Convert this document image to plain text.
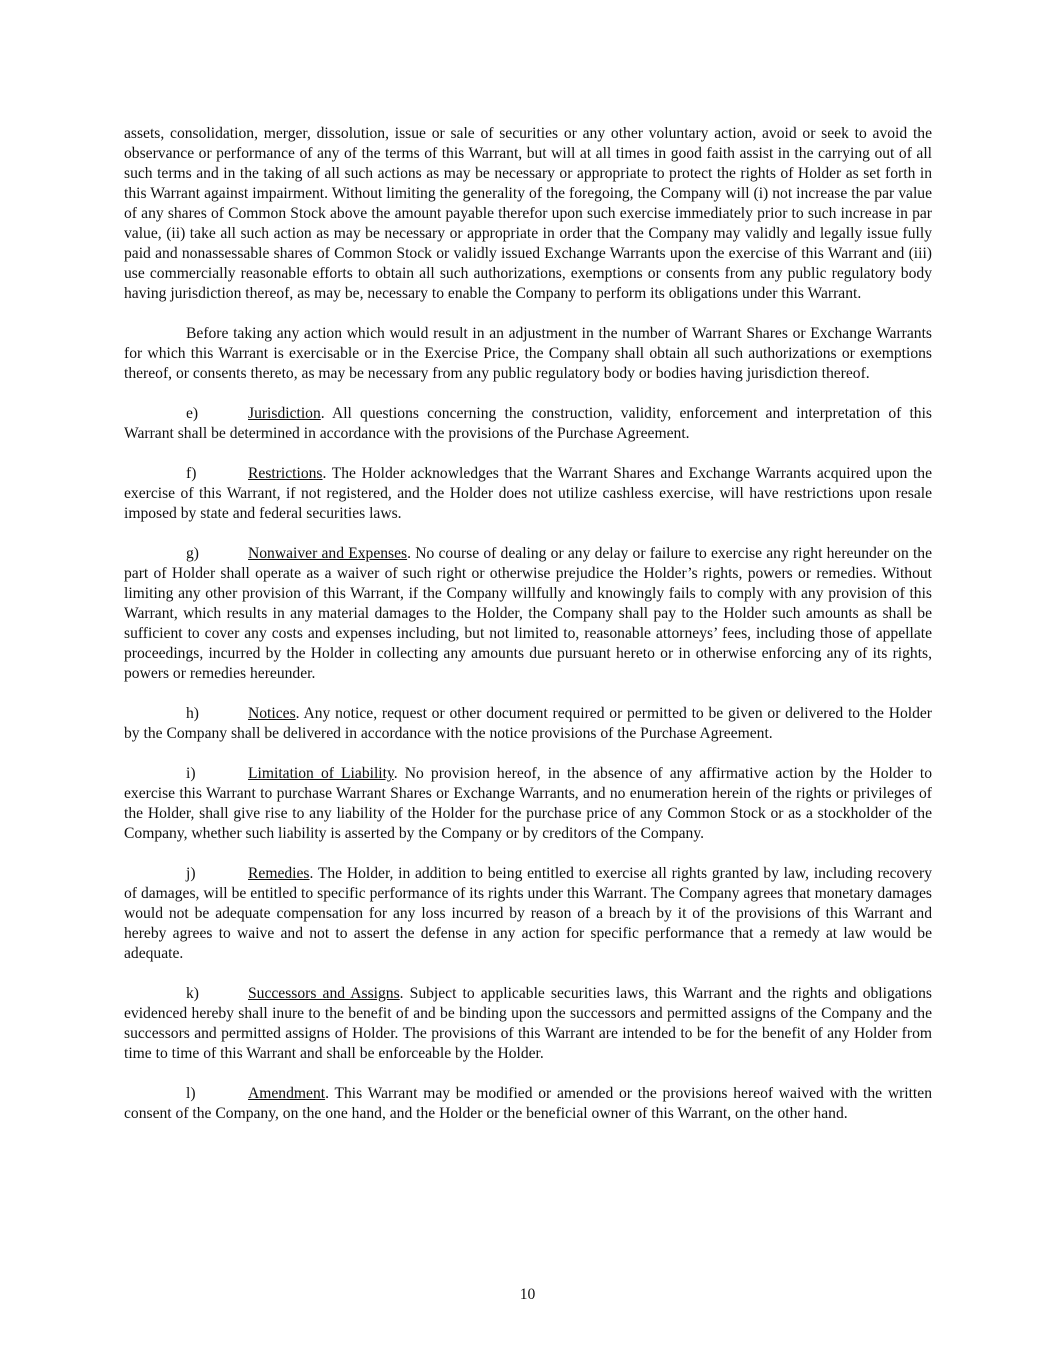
assets, consolidation, merger, dissolution, issue or sale of securities or any other voluntary action, avoid or seek to avoid the observance or performance of any of the terms of this Warrant, but will at all times in good faith assist in the carrying out of all such terms and in the taking of all such actions as may be necessary or appropriate to protect the rights of Holder as set forth in this Warrant against impairment. Without limiting the generality of the foregoing, the Company will (i) not increase the par value of any shares of Common Stock above the amount payable therefor upon such exercise immediately prior to such increase in par value, (ii) take all such action as may be necessary or appropriate in order that the Company may validly and legally issue fully paid and nonassessable shares of Common Stock or validly issued Exchange Warrants upon the exercise of this Warrant and (iii) use commercially reasonable efforts to obtain all such authorizations, exemptions or consents from any public regulatory body having jurisdiction thereof, as may be, necessary to enable the Company to perform its obligations under this Warrant.

Before taking any action which would result in an adjustment in the number of Warrant Shares or Exchange Warrants for which this Warrant is exercisable or in the Exercise Price, the Company shall obtain all such authorizations or exemptions thereof, or consents thereto, as may be necessary from any public regulatory body or bodies having jurisdiction thereof.

e)	Jurisdiction. All questions concerning the construction, validity, enforcement and interpretation of this Warrant shall be determined in accordance with the provisions of the Purchase Agreement.

f)	Restrictions. The Holder acknowledges that the Warrant Shares and Exchange Warrants acquired upon the exercise of this Warrant, if not registered, and the Holder does not utilize cashless exercise, will have restrictions upon resale imposed by state and federal securities laws.

g)	Nonwaiver and Expenses. No course of dealing or any delay or failure to exercise any right hereunder on the part of Holder shall operate as a waiver of such right or otherwise prejudice the Holder’s rights, powers or remedies. Without limiting any other provision of this Warrant, if the Company willfully and knowingly fails to comply with any provision of this Warrant, which results in any material damages to the Holder, the Company shall pay to the Holder such amounts as shall be sufficient to cover any costs and expenses including, but not limited to, reasonable attorneys’ fees, including those of appellate proceedings, incurred by the Holder in collecting any amounts due pursuant hereto or in otherwise enforcing any of its rights, powers or remedies hereunder.

h)	Notices. Any notice, request or other document required or permitted to be given or delivered to the Holder by the Company shall be delivered in accordance with the notice provisions of the Purchase Agreement.

i)	Limitation of Liability. No provision hereof, in the absence of any affirmative action by the Holder to exercise this Warrant to purchase Warrant Shares or Exchange Warrants, and no enumeration herein of the rights or privileges of the Holder, shall give rise to any liability of the Holder for the purchase price of any Common Stock or as a stockholder of the Company, whether such liability is asserted by the Company or by creditors of the Company.

j)	Remedies. The Holder, in addition to being entitled to exercise all rights granted by law, including recovery of damages, will be entitled to specific performance of its rights under this Warrant. The Company agrees that monetary damages would not be adequate compensation for any loss incurred by reason of a breach by it of the provisions of this Warrant and hereby agrees to waive and not to assert the defense in any action for specific performance that a remedy at law would be adequate.

k)	Successors and Assigns. Subject to applicable securities laws, this Warrant and the rights and obligations evidenced hereby shall inure to the benefit of and be binding upon the successors and permitted assigns of the Company and the successors and permitted assigns of Holder. The provisions of this Warrant are intended to be for the benefit of any Holder from time to time of this Warrant and shall be enforceable by the Holder.

l)	Amendment. This Warrant may be modified or amended or the provisions hereof waived with the written consent of the Company, on the one hand, and the Holder or the beneficial owner of this Warrant, on the other hand.

10
